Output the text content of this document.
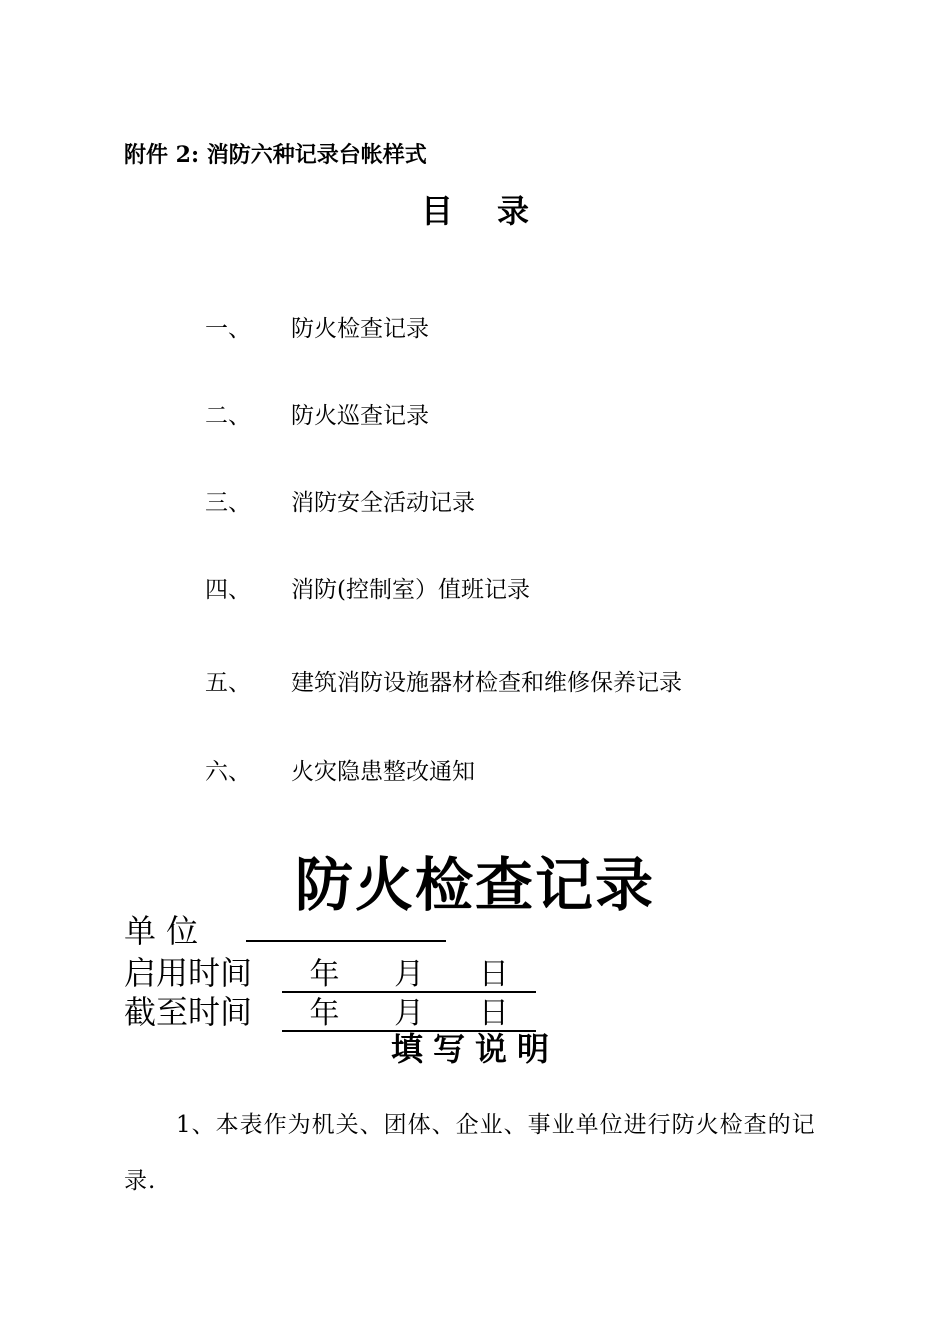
附件 2: 消防六种记录台帐样式
目录
一、 防火检查记录
二、 防火巡查记录
三、 消防安全活动记录
四、 消防(控制室）值班记录
五、 建筑消防设施器材检查和维修保养记录
六、 火灾隐患整改通知
防火检查记录
单 位
启用时间 年 月 日
截至时间 年 月 日
填写说明
1、本表作为机关、团体、企业、事业单位进行防火检查的记录.
